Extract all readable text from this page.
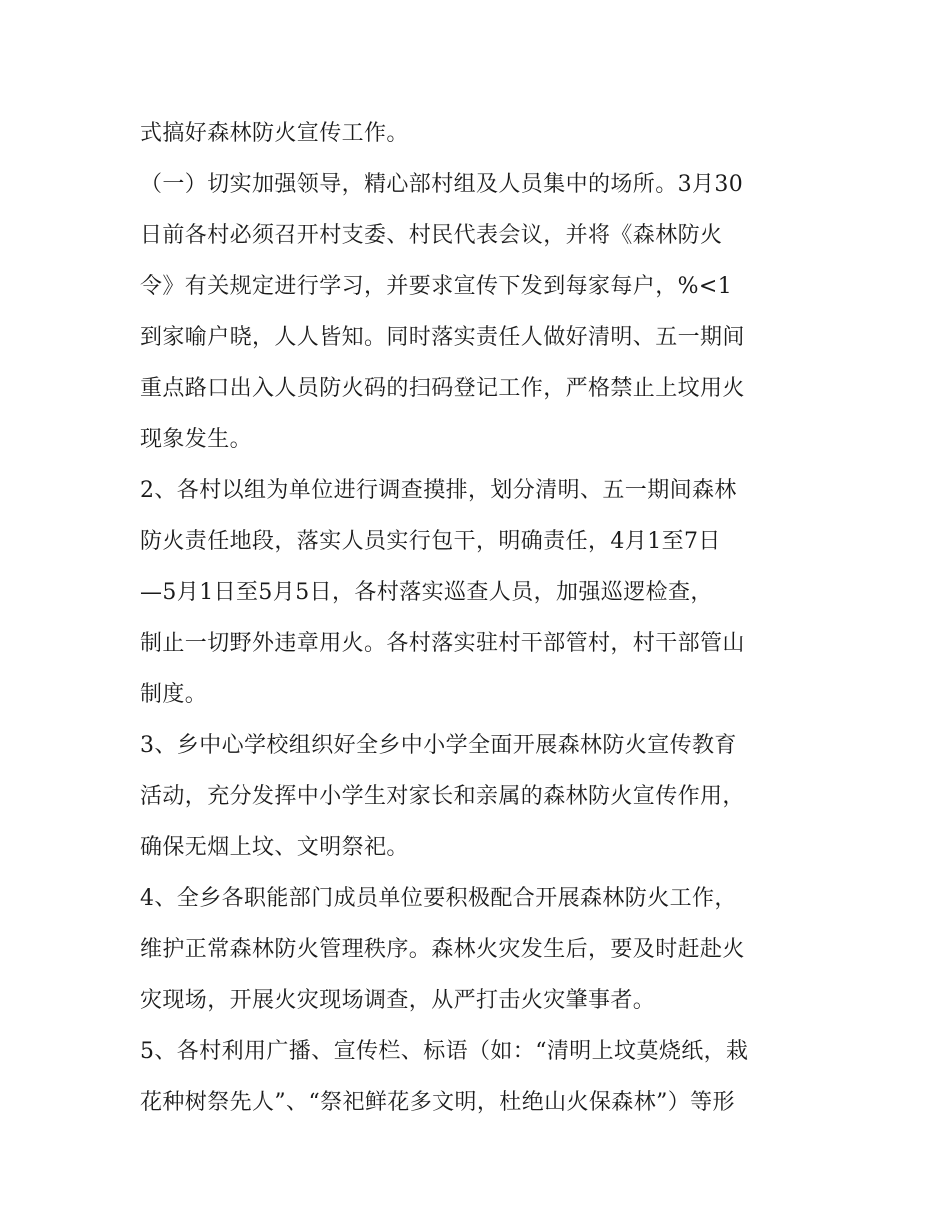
式搞好森林防火宣传工作。
（一）切实加强领导，精心部村组及人员集中的场所。3月30
日前各村必须召开村支委、村民代表会议，并将《森林防火
令》有关规定进行学习，并要求宣传下发到每家每户，%<1
到家喻户晓，人人皆知。同时落实责任人做好清明、五一期间
重点路口出入人员防火码的扫码登记工作，严格禁止上坟用火
现象发生。
2、各村以组为单位进行调查摸排，划分清明、五一期间森林
防火责任地段，落实人员实行包干，明确责任，4月1至7日
—5月1日至5月5日，各村落实巡查人员，加强巡逻检查，
制止一切野外违章用火。各村落实驻村干部管村，村干部管山
制度。
3、乡中心学校组织好全乡中小学全面开展森林防火宣传教育
活动，充分发挥中小学生对家长和亲属的森林防火宣传作用，
确保无烟上坟、文明祭祀。
4、全乡各职能部门成员单位要积极配合开展森林防火工作，
维护正常森林防火管理秩序。森林火灾发生后，要及时赶赴火
灾现场，开展火灾现场调查，从严打击火灾肇事者。
5、各村利用广播、宣传栏、标语（如：“清明上坟莫烧纸，栽
花种树祭先人”、“祭祀鲜花多文明，杜绝山火保森林”）等形
